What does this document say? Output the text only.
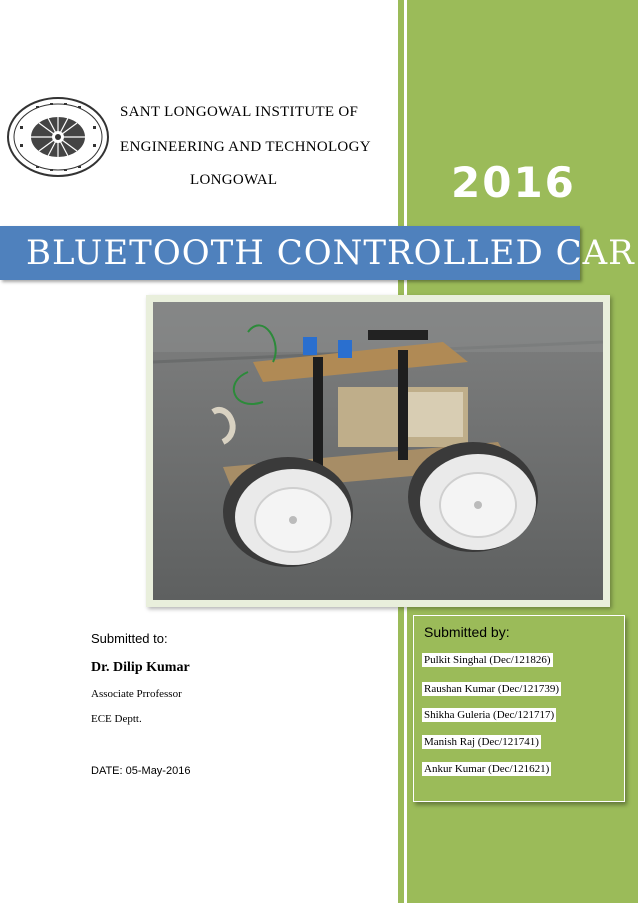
SANT LONGOWAL INSTITUTE OF
ENGINEERING AND TECHNOLOGY
LONGOWAL	2016
BLUETOOTH CONTROLLED CAR
Submitted to:
Dr. Dilip Kumar
Associate Prrofessor
ECE Deptt.
DATE: 05-May-2016
Submitted by:
Pulkit Singhal (Dec/121826)
Raushan Kumar (Dec/121739)
Shikha Guleria (Dec/121717)
Manish Raj (Dec/121741)
Ankur Kumar (Dec/121621)
